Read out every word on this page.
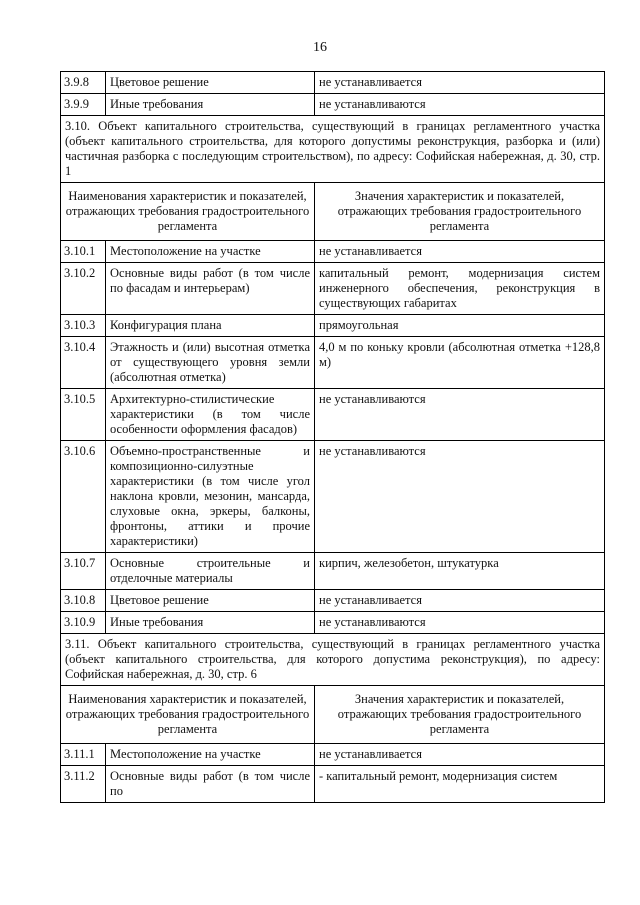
16
3.9.8	Цветовое решение	не устанавливается
3.9.9	Иные требования	не устанавливаются
3.10. Объект капитального строительства, существующий в границах регламентного участка (объект капитального строительства, для которого допустимы реконструкция, разборка и (или) частичная разборка с последующим строительством), по адресу: Софийская набережная, д. 30, стр. 1		
Наименования характеристик и показателей, отражающих требования градостроительного регламента		Значения характеристик и показателей, отражающих требования градостроительного регламента
3.10.1	Местоположение на участке	не устанавливается
3.10.2	Основные виды работ (в том числе по фасадам и интерьерам)	капитальный ремонт, модернизация систем инженерного обеспечения, реконструкция в существующих габаритах
3.10.3	Конфигурация плана	прямоугольная
3.10.4	Этажность и (или) высотная отметка от существующего уровня земли (абсолютная отметка)	4,0 м по коньку кровли (абсолютная отметка +128,8 м)
3.10.5	Архитектурно-стилистические характеристики (в том числе особенности оформления фасадов)	не устанавливаются
3.10.6	Объемно-пространственные и композиционно-силуэтные характеристики (в том числе угол наклона кровли, мезонин, мансарда, слуховые окна, эркеры, балконы, фронтоны, аттики и прочие характеристики)	не устанавливаются
3.10.7	Основные строительные и отделочные материалы	кирпич, железобетон, штукатурка
3.10.8	Цветовое решение	не устанавливается
3.10.9	Иные требования	не устанавливаются
3.11. Объект капитального строительства, существующий в границах регламентного участка (объект капитального строительства, для которого допустима реконструкция), по адресу: Софийская набережная, д. 30, стр. 6		
Наименования характеристик и показателей, отражающих требования градостроительного регламента		Значения характеристик и показателей, отражающих требования градостроительного регламента
3.11.1	Местоположение на участке	не устанавливается
3.11.2	Основные виды работ (в том числе по	- капитальный ремонт, модернизация систем
